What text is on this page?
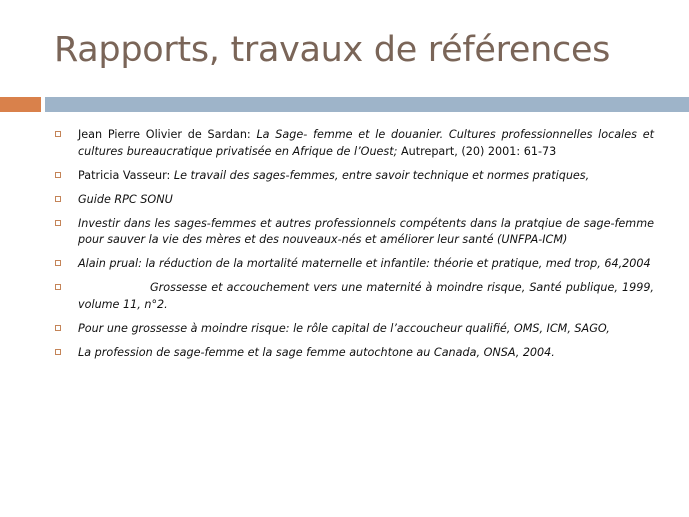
Rapports, travaux de références
Jean Pierre Olivier de Sardan: La Sage- femme et le douanier. Cultures professionnelles locales et cultures bureaucratique privatisée en Afrique de l’Ouest; Autrepart, (20) 2001: 61-73
Patricia Vasseur: Le travail des sages-femmes, entre savoir technique et normes pratiques,
Guide RPC SONU
Investir dans les sages-femmes et autres professionnels compétents dans la pratqiue de sage-femme pour sauver la vie des mères et des nouveaux-nés et améliorer leur santé (UNFPA-ICM)
Alain prual: la réduction de la mortalité maternelle et infantile: théorie et pratique, med trop, 64,2004
Grossesse et accouchement vers une maternité à moindre risque, Santé publique, 1999, volume 11, n°2.
Pour une grossesse à moindre risque: le rôle capital de l’accoucheur qualifié, OMS, ICM, SAGO,
La profession de sage-femme et la sage femme autochtone au Canada, ONSA, 2004.
